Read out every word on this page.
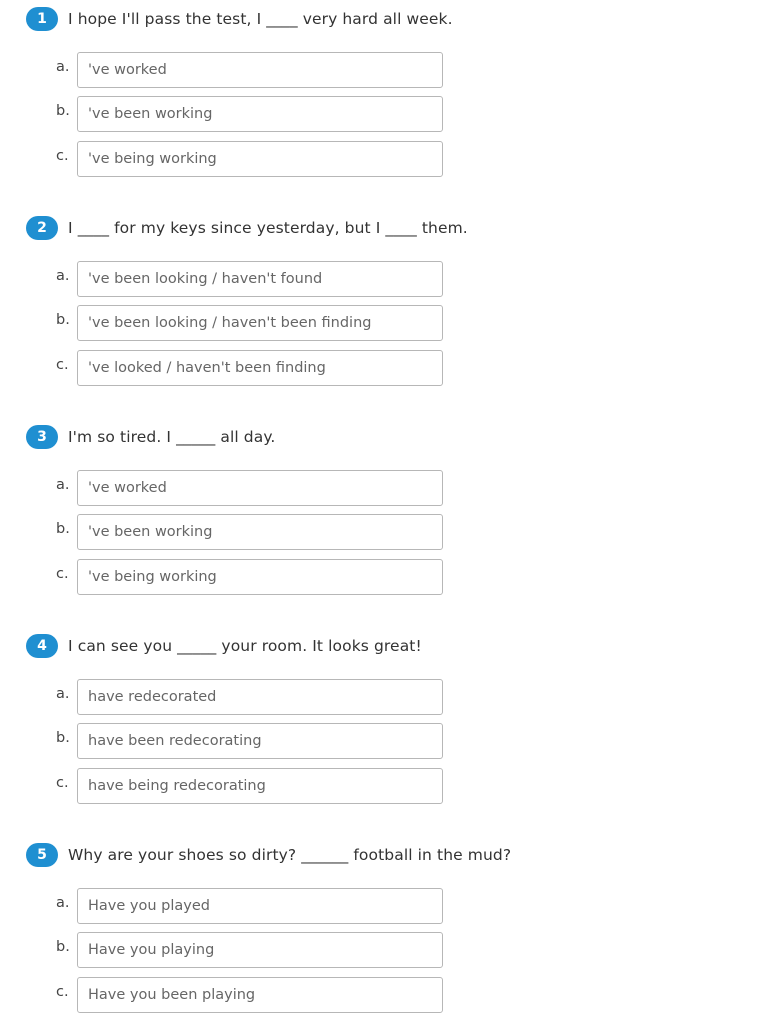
1	I hope I'll pass the test, I ____ very hard all week.
a.	've worked
b.	've been working
c.	've being working
2	I ____ for my keys since yesterday, but I ____ them.
a.	've been looking / haven't found
b.	've been looking / haven't been finding
c.	've looked / haven't been finding
3	I'm so tired. I _____ all day.
a.	've worked
b.	've been working
c.	've being working
4	I can see you _____ your room. It looks great!
a.	have redecorated
b.	have been redecorating
c.	have being redecorating
5	Why are your shoes so dirty? ______ football in the mud?
a.	Have you played
b.	Have you playing
c.	Have you been playing
